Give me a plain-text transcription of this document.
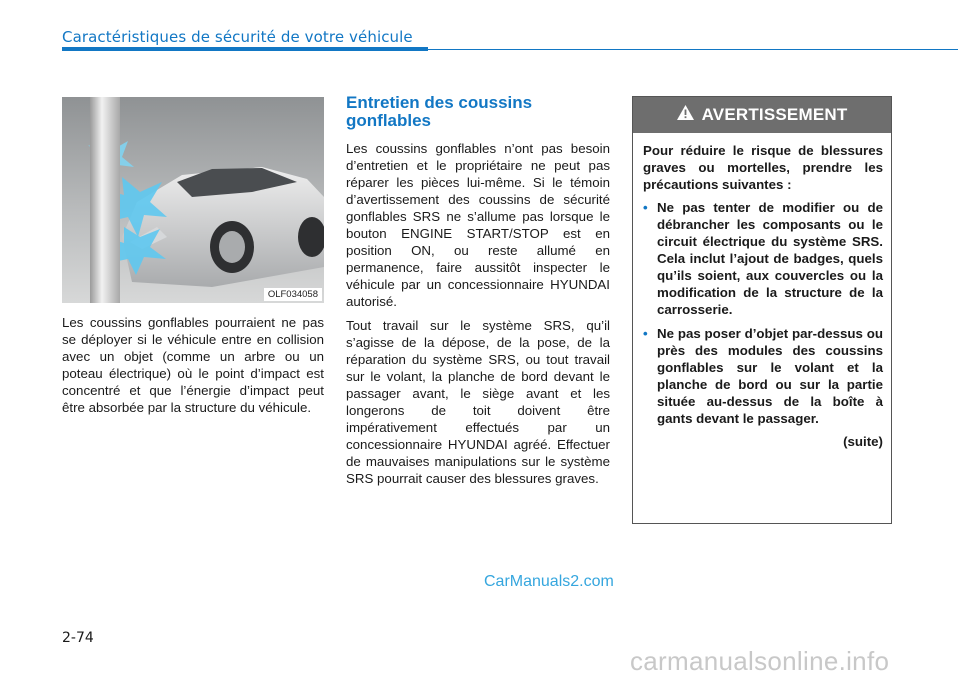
Caractéristiques de sécurité de votre véhicule
OLF034058
Les coussins gonflables pourraient ne pas se déployer si le véhicule entre en collision avec un objet (comme un arbre ou un poteau électrique) où le point d’impact est concentré et que l’énergie d’impact peut être absorbée par la structure du véhicule.
Entretien des coussins gonflables

Les coussins gonflables n’ont pas besoin d’entretien et le propriétaire ne peut pas réparer les pièces lui-même. Si le témoin d’avertissement des coussins de sécurité gonflables SRS ne s’allume pas lorsque le bouton ENGINE START/STOP est en position ON, ou reste allumé en permanence, faire aussitôt inspecter le véhicule par un concessionnaire HYUNDAI autorisé.

Tout travail sur le système SRS, qu’il s’agisse de la dépose, de la pose, de la réparation du système SRS, ou tout travail sur le volant, la planche de bord devant le passager avant, le siège avant et les longerons de toit doivent être impérativement effectués par un concessionnaire HYUNDAI agréé. Effectuer de mauvaises manipulations sur le système SRS pourrait causer des blessures graves.

AVERTISSEMENT

Pour réduire le risque de blessures graves ou mortelles, prendre les précautions suivantes :

• Ne pas tenter de modifier ou de débrancher les composants ou le circuit électrique du système SRS. Cela inclut l’ajout de badges, quels qu’ils soient, aux couvercles ou la modification de la structure de la carrosserie.
• Ne pas poser d’objet par-dessus ou près des modules des coussins gonflables sur le volant et la planche de bord ou sur la partie située au-dessus de la boîte à gants devant le passager.
(suite)
CarManuals2.com
2-74
carmanualsonline.info
